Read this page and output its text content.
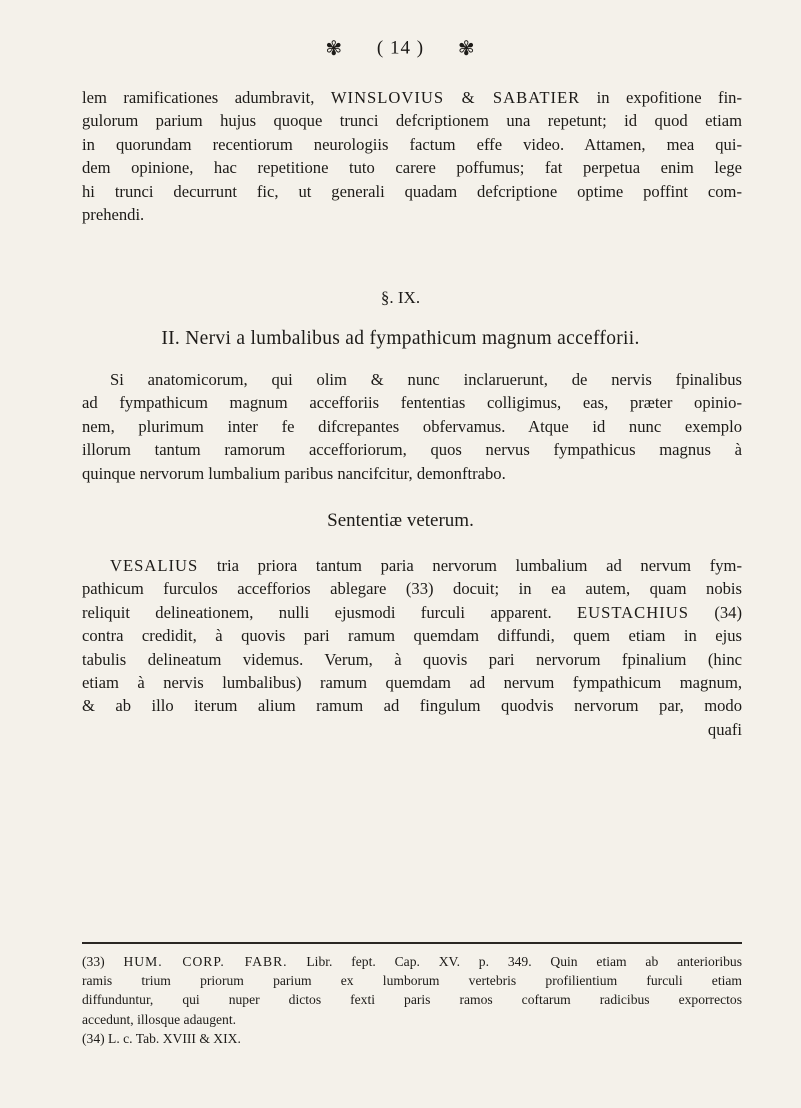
✾ ( 14 ) ✾
lem ramificationes adumbravit, WINSLOVIUS & SABATIER in expofitione fin-
gulorum parium hujus quoque trunci defcriptionem una repetunt; id quod etiam
in quorundam recentiorum neurologiis factum effe video. Attamen, mea qui-
dem opinione, hac repetitione tuto carere poffumus; fat perpetua enim lege
hi trunci decurrunt fic, ut generali quadam defcriptione optime poffint com-
prehendi.
§. IX.
II. Nervi a lumbalibus ad fympathicum magnum accefforii.
Si anatomicorum, qui olim & nunc inclaruerunt, de nervis fpinalibus
ad fympathicum magnum accefforiis fententias colligimus, eas, præter opinio-
nem, plurimum inter fe difcrepantes obfervamus. Atque id nunc exemplo
illorum tantum ramorum accefforiorum, quos nervus fympathicus magnus à
quinque nervorum lumbalium paribus nancifcitur, demonftrabo.
Sententiæ veterum.
VESALIUS tria priora tantum paria nervorum lumbalium ad nervum fym-
pathicum furculos accefforios ablegare (33) docuit; in ea autem, quam nobis
reliquit delineationem, nulli ejusmodi furculi apparent. EUSTACHIUS (34)
contra credidit, à quovis pari ramum quemdam diffundi, quem etiam in ejus
tabulis delineatum videmus. Verum, à quovis pari nervorum fpinalium (hinc
etiam à nervis lumbalibus) ramum quemdam ad nervum fympathicum magnum,
& ab illo iterum alium ramum ad fingulum quodvis nervorum par, modo
quafi
(33) HUM. CORP. FABR. Libr. fept. Cap. XV. p. 349. Quin etiam ab anterioribus
ramis trium priorum parium ex lumborum vertebris profilientium furculi etiam
diffunduntur, qui nuper dictos fexti paris ramos coftarum radicibus exporrectos
accedunt, illosque adaugent.
(34) L. c. Tab. XVIII & XIX.
